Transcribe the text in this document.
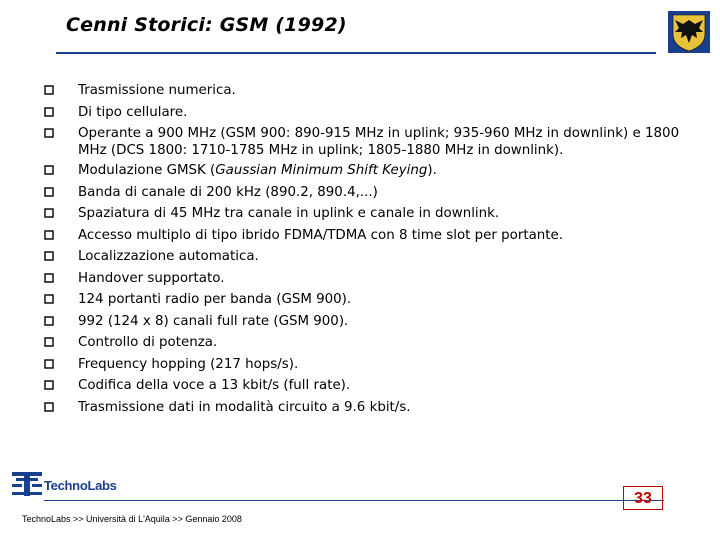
Cenni Storici: GSM (1992)
Trasmissione numerica.
Di tipo cellulare.
Operante a 900 MHz (GSM 900: 890-915 MHz in uplink; 935-960 MHz in downlink) e 1800 MHz (DCS 1800: 1710-1785 MHz in uplink; 1805-1880 MHz in downlink).
Modulazione GMSK (Gaussian Minimum Shift Keying).
Banda di canale di 200 kHz (890.2, 890.4,...)
Spaziatura di 45 MHz tra canale in uplink e canale in downlink.
Accesso multiplo di tipo ibrido FDMA/TDMA con 8 time slot per portante.
Localizzazione automatica.
Handover supportato.
124 portanti radio per banda (GSM 900).
992 (124 x 8) canali full rate (GSM 900).
Controllo di potenza.
Frequency hopping (217 hops/s).
Codifica della voce a 13 kbit/s (full rate).
Trasmissione dati in modalità circuito a 9.6 kbit/s.
TechnoLabs
TechnoLabs >> Università di L'Aquila >> Gennaio 2008
33
